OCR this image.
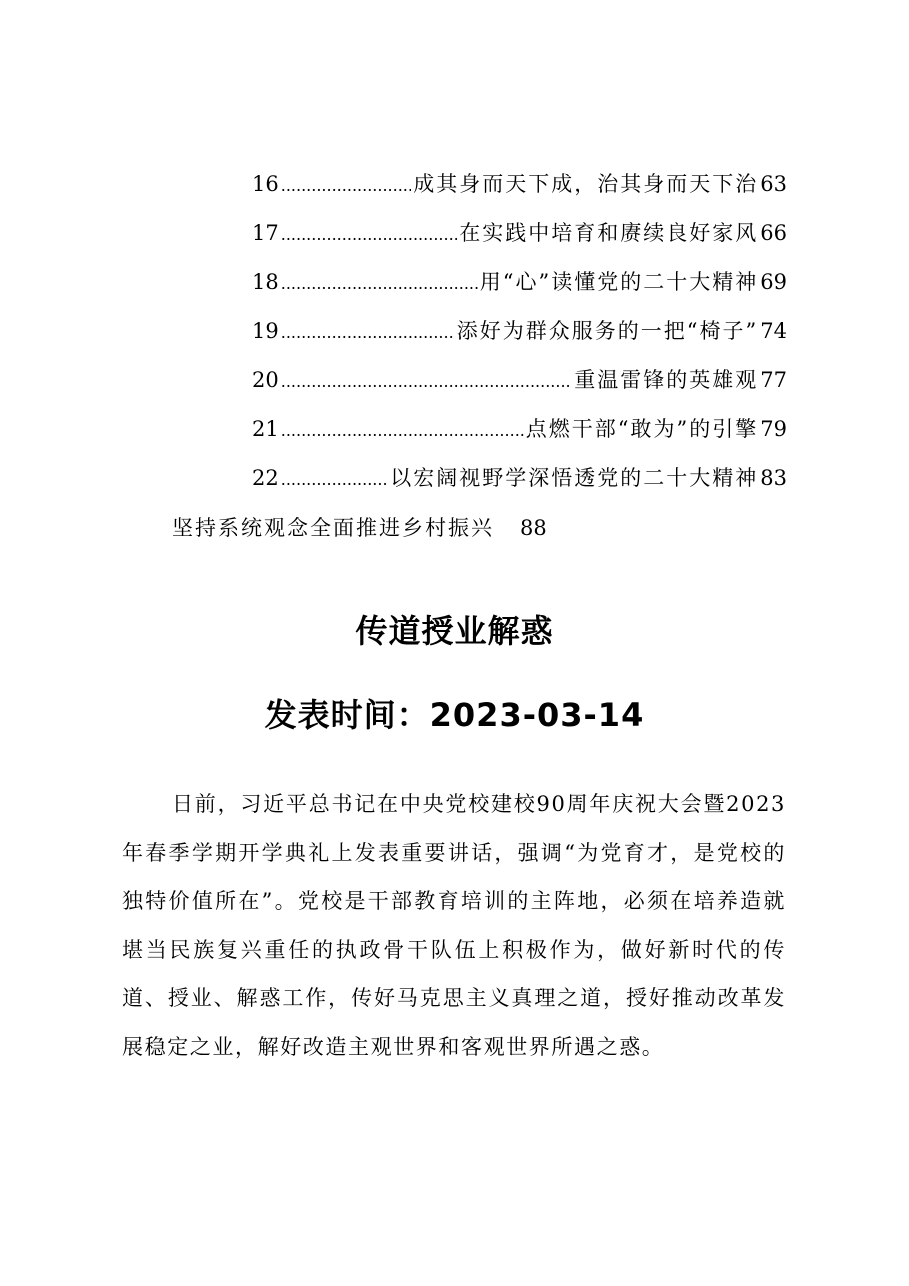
16 .....	成其身而天下成，治其身而天下治 63
17 .....	在实践中培育和赓续良好家风 66
18 .....	用“心”读懂党的二十大精神 69
19 .....	添好为群众服务的一把“椅子” 74
20 .....	重温雷锋的英雄观 77
21 .....	点燃干部“敢为”的引擎 79
22 .....	以宏阔视野学深悟透党的二十大精神 83
坚持系统观念全面推进乡村振兴 88
传道授业解惑
发表时间：2023-03-14

日前，习近平总书记在中央党校建校90周年庆祝大会暨2023年春季学期开学典礼上发表重要讲话，强调“为党育才，是党校的独特价值所在”。党校是干部教育培训的主阵地，必须在培养造就堪当民族复兴重任的执政骨干队伍上积极作为，做好新时代的传道、授业、解惑工作，传好马克思主义真理之道，授好推动改革发展稳定之业，解好改造主观世界和客观世界所遇之惑。
